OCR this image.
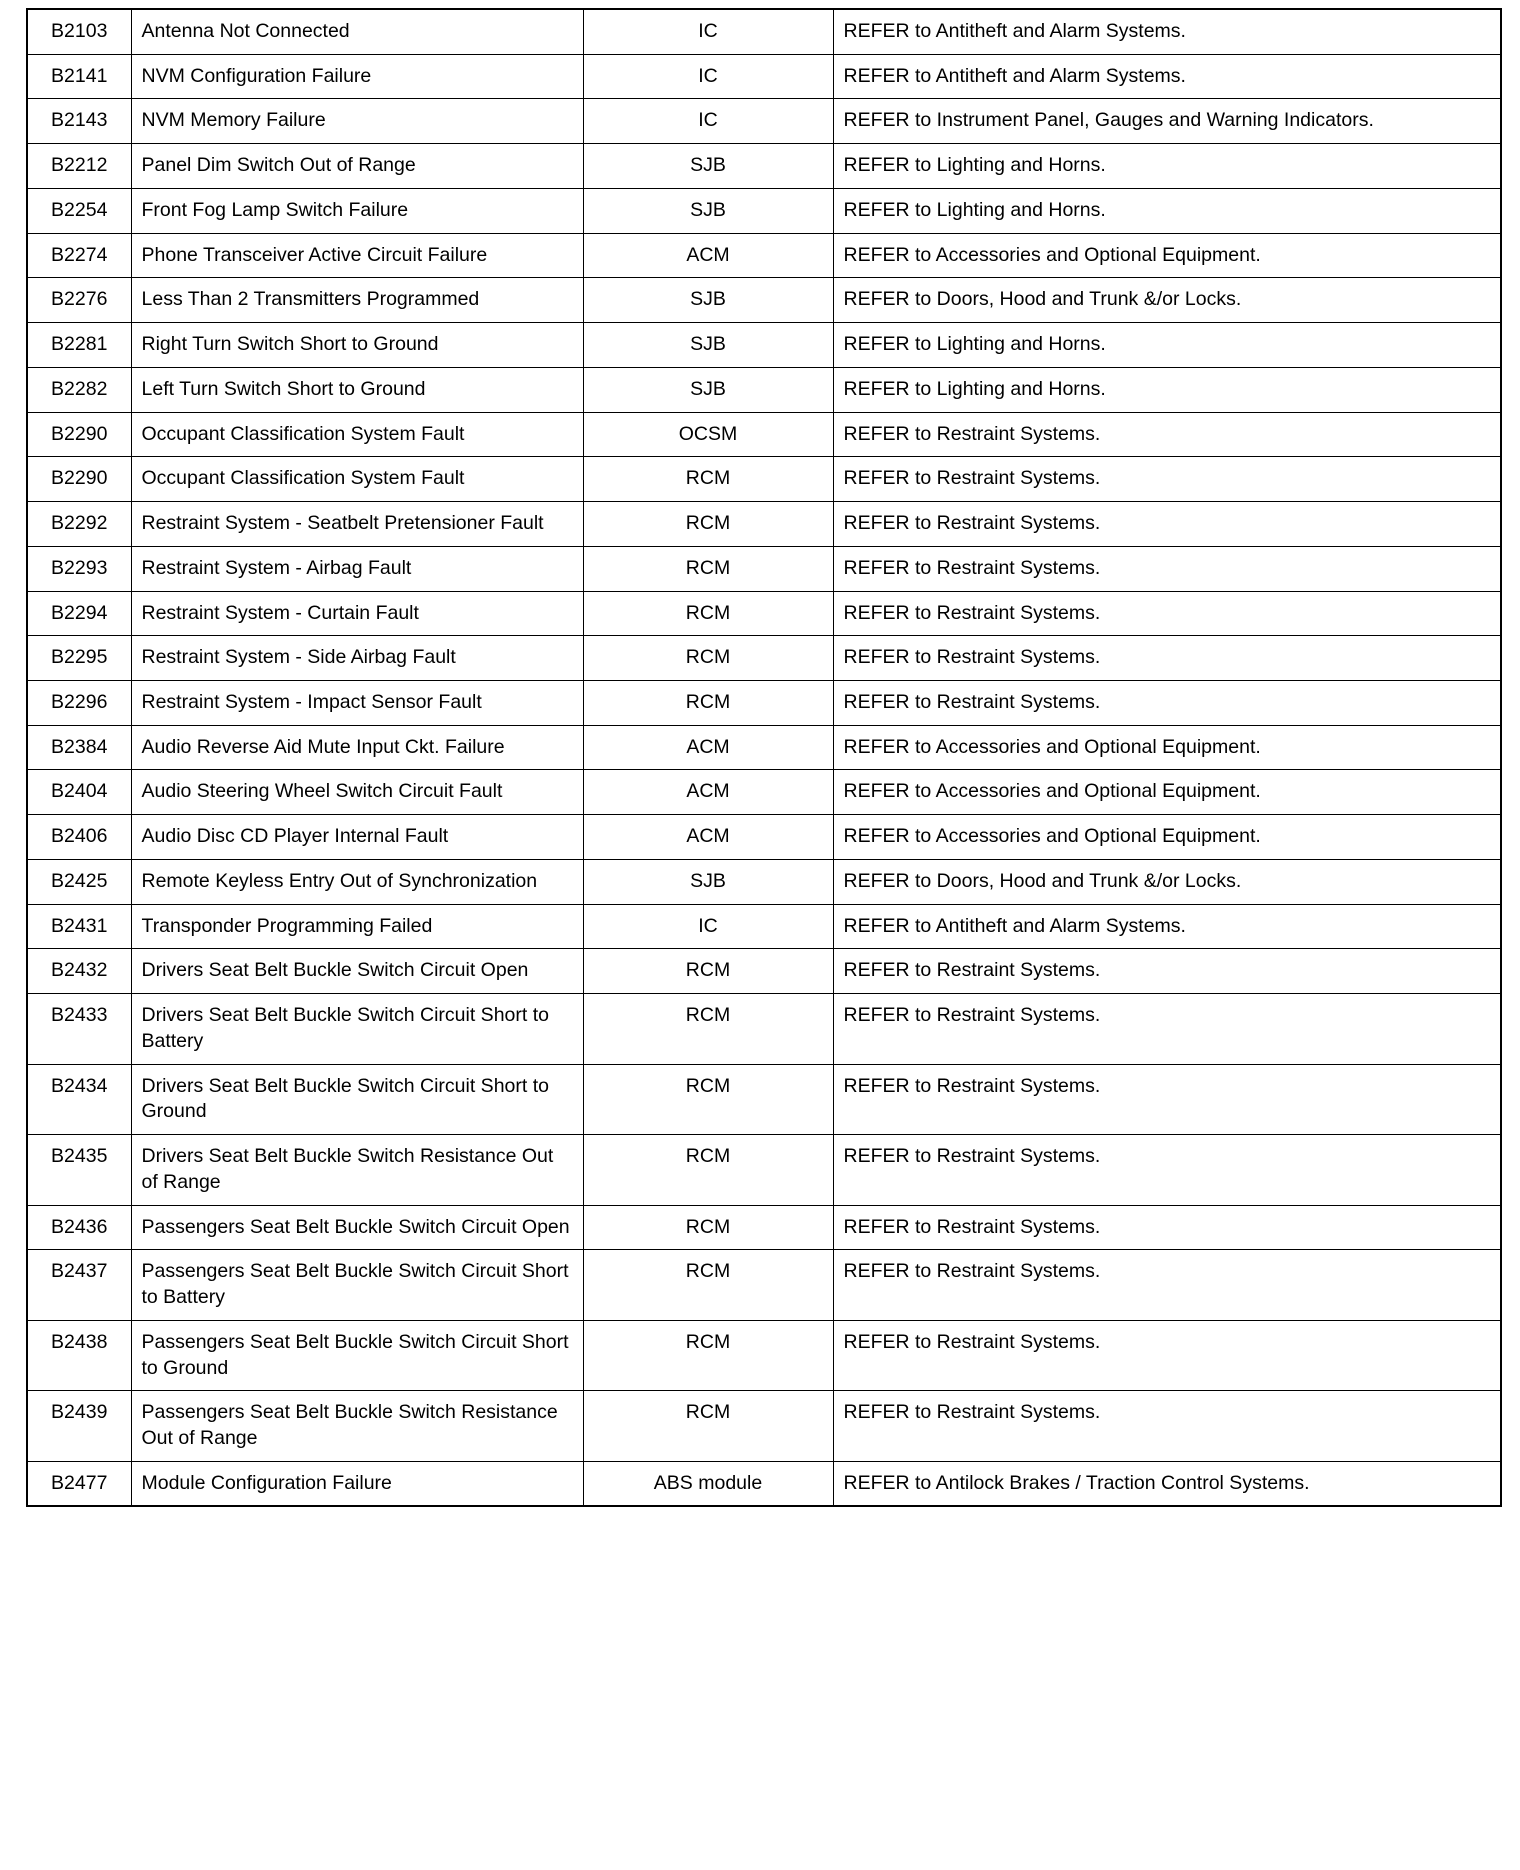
B2103	Antenna Not Connected	IC	REFER to Antitheft and Alarm Systems.
B2141	NVM Configuration Failure	IC	REFER to Antitheft and Alarm Systems.
B2143	NVM Memory Failure	IC	REFER to Instrument Panel, Gauges and Warning Indicators.
B2212	Panel Dim Switch Out of Range	SJB	REFER to Lighting and Horns.
B2254	Front Fog Lamp Switch Failure	SJB	REFER to Lighting and Horns.
B2274	Phone Transceiver Active Circuit Failure	ACM	REFER to Accessories and Optional Equipment.
B2276	Less Than 2 Transmitters Programmed	SJB	REFER to Doors, Hood and Trunk &/or Locks.
B2281	Right Turn Switch Short to Ground	SJB	REFER to Lighting and Horns.
B2282	Left Turn Switch Short to Ground	SJB	REFER to Lighting and Horns.
B2290	Occupant Classification System Fault	OCSM	REFER to Restraint Systems.
B2290	Occupant Classification System Fault	RCM	REFER to Restraint Systems.
B2292	Restraint System - Seatbelt Pretensioner Fault	RCM	REFER to Restraint Systems.
B2293	Restraint System - Airbag Fault	RCM	REFER to Restraint Systems.
B2294	Restraint System - Curtain Fault	RCM	REFER to Restraint Systems.
B2295	Restraint System - Side Airbag Fault	RCM	REFER to Restraint Systems.
B2296	Restraint System - Impact Sensor Fault	RCM	REFER to Restraint Systems.
B2384	Audio Reverse Aid Mute Input Ckt. Failure	ACM	REFER to Accessories and Optional Equipment.
B2404	Audio Steering Wheel Switch Circuit Fault	ACM	REFER to Accessories and Optional Equipment.
B2406	Audio Disc CD Player Internal Fault	ACM	REFER to Accessories and Optional Equipment.
B2425	Remote Keyless Entry Out of Synchronization	SJB	REFER to Doors, Hood and Trunk &/or Locks.
B2431	Transponder Programming Failed	IC	REFER to Antitheft and Alarm Systems.
B2432	Drivers Seat Belt Buckle Switch Circuit Open	RCM	REFER to Restraint Systems.
B2433	Drivers Seat Belt Buckle Switch Circuit Short to Battery	RCM	REFER to Restraint Systems.
B2434	Drivers Seat Belt Buckle Switch Circuit Short to Ground	RCM	REFER to Restraint Systems.
B2435	Drivers Seat Belt Buckle Switch Resistance Out of Range	RCM	REFER to Restraint Systems.
B2436	Passengers Seat Belt Buckle Switch Circuit Open	RCM	REFER to Restraint Systems.
B2437	Passengers Seat Belt Buckle Switch Circuit Short to Battery	RCM	REFER to Restraint Systems.
B2438	Passengers Seat Belt Buckle Switch Circuit Short to Ground	RCM	REFER to Restraint Systems.
B2439	Passengers Seat Belt Buckle Switch Resistance Out of Range	RCM	REFER to Restraint Systems.
B2477	Module Configuration Failure	ABS module	REFER to Antilock Brakes / Traction Control Systems.
